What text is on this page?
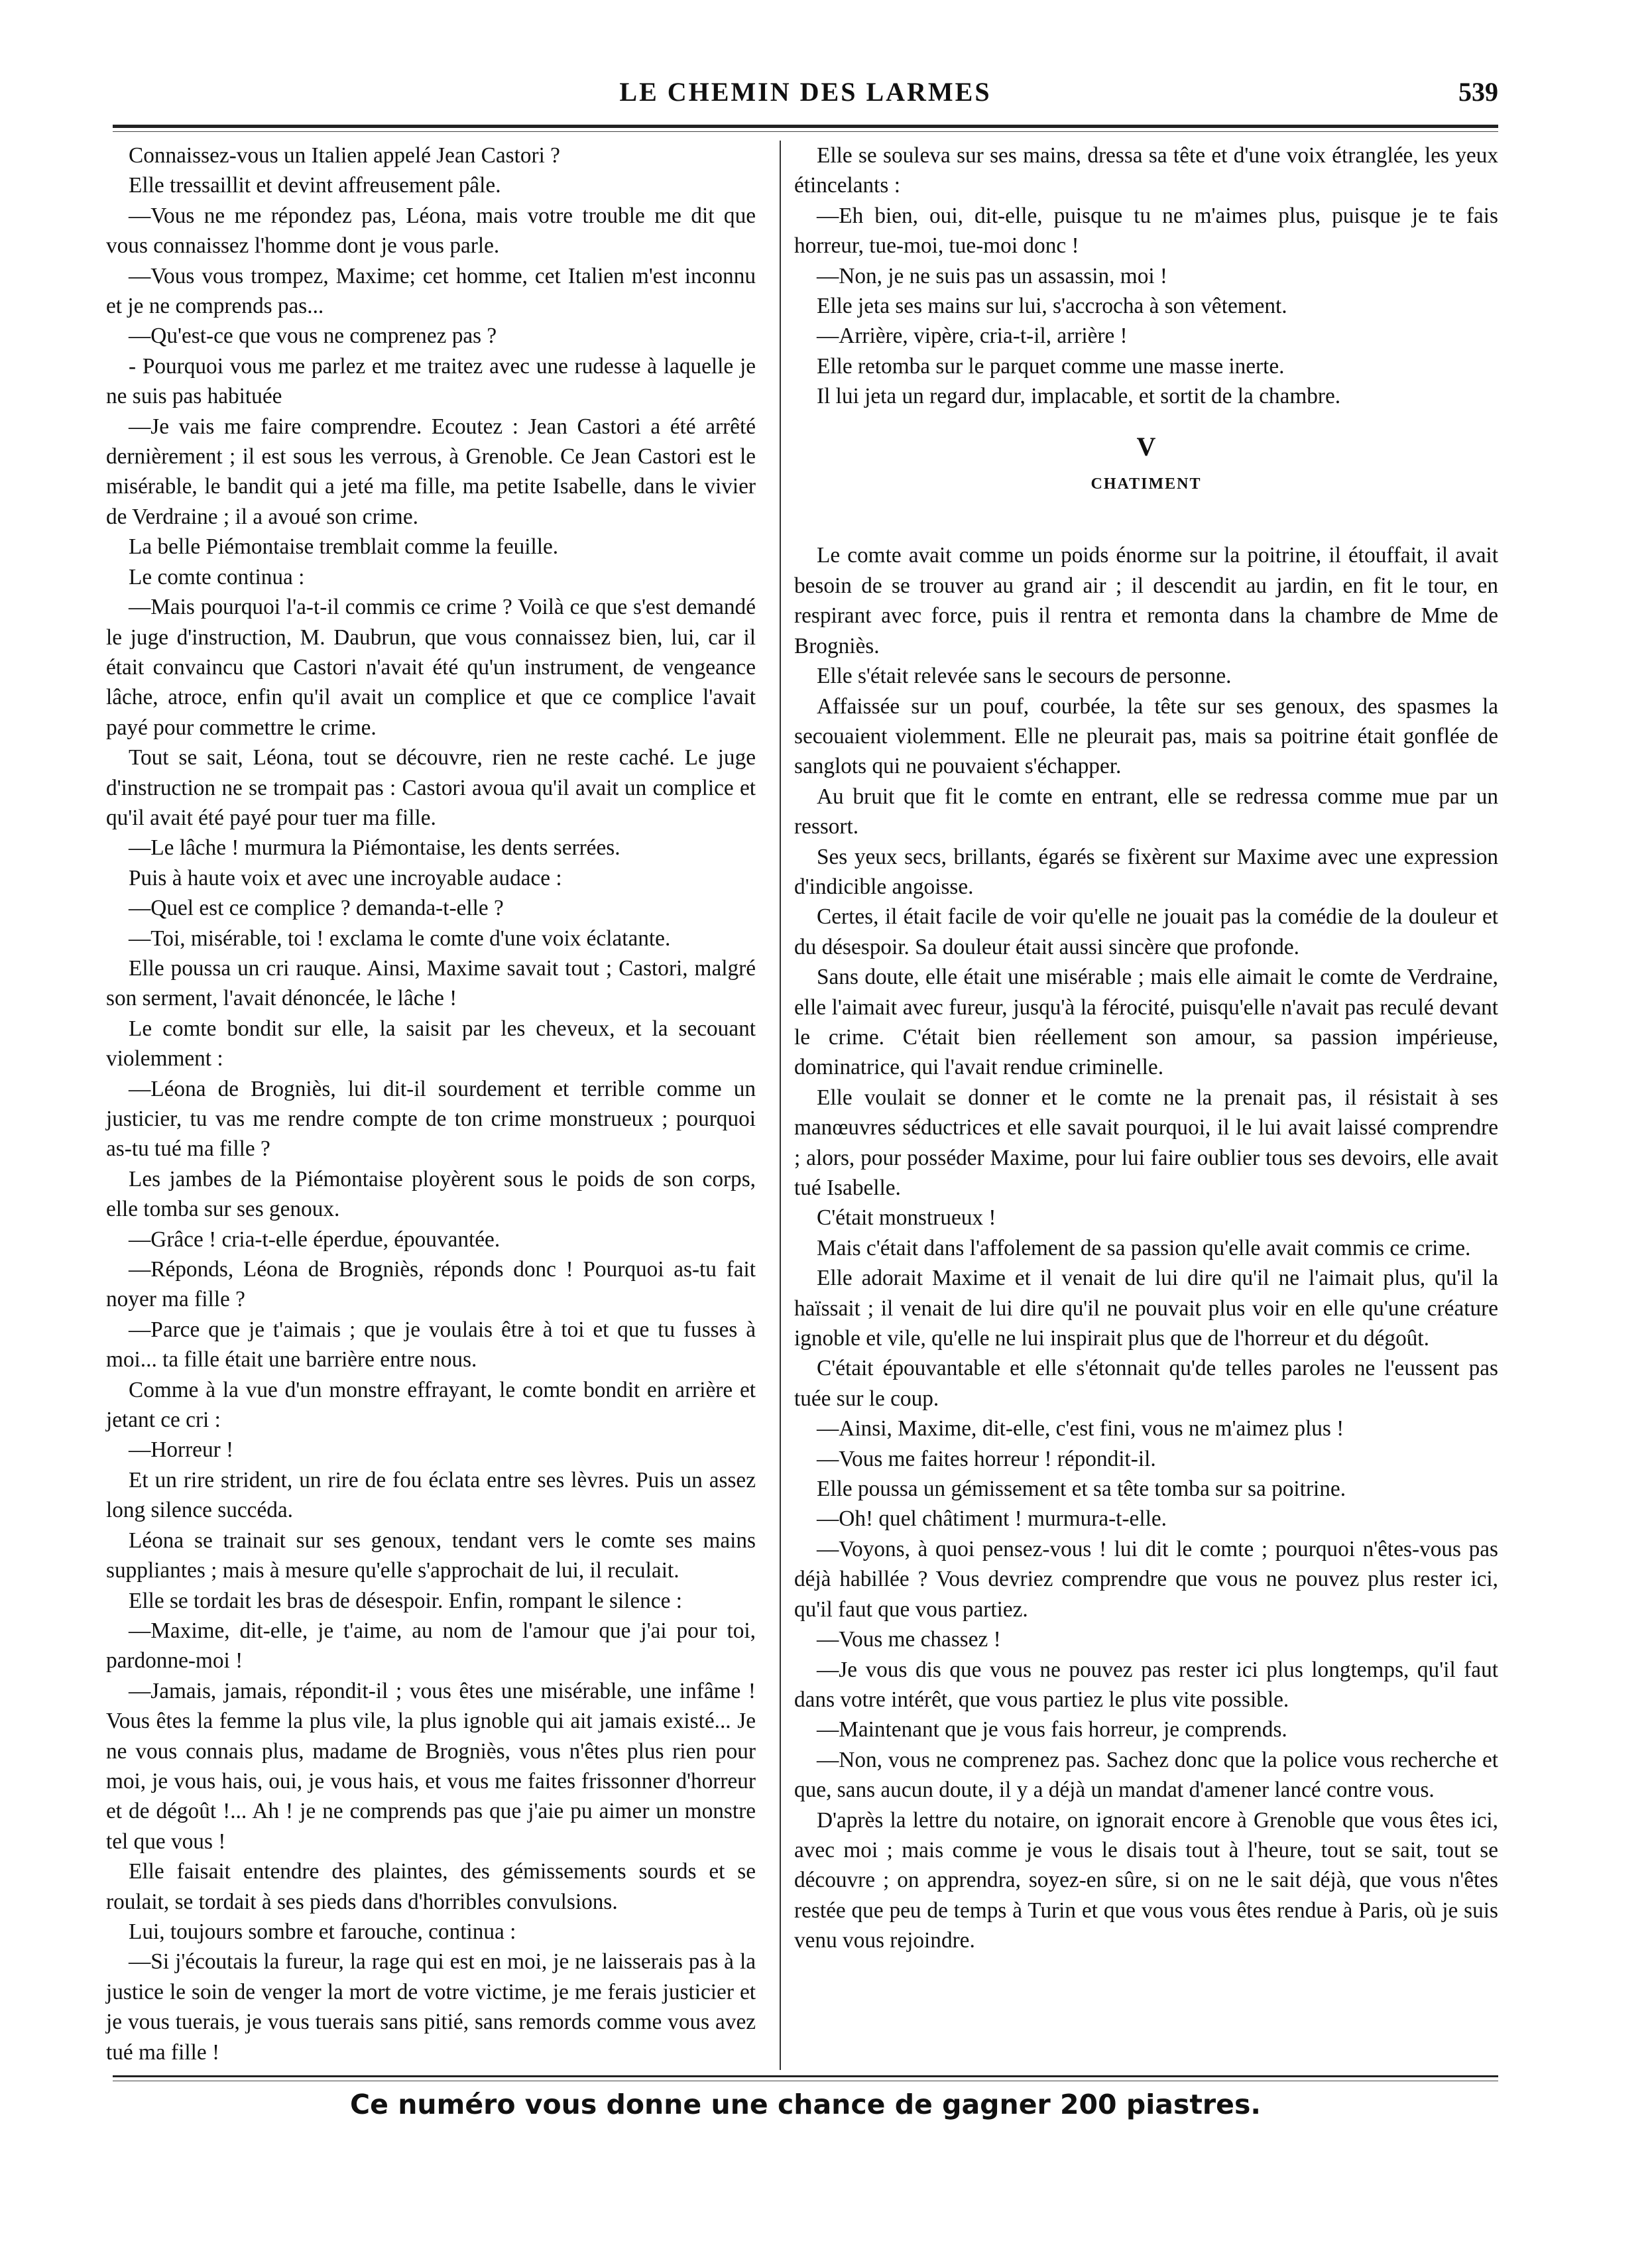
LE CHEMIN DES LARMES	539

Connaissez-vous un Italien appelé Jean Castori ?

Elle tressaillit et devint affreusement pâle.

—Vous ne me répondez pas, Léona, mais votre trouble me dit que vous connaissez l'homme dont je vous parle.

—Vous vous trompez, Maxime; cet homme, cet Italien m'est inconnu et je ne comprends pas...

—Qu'est-ce que vous ne comprenez pas ?

- Pourquoi vous me parlez et me traitez avec une rudesse à laquelle je ne suis pas habituée

—Je vais me faire comprendre. Ecoutez : Jean Castori a été arrêté dernièrement ; il est sous les verrous, à Grenoble. Ce Jean Castori est le misérable, le bandit qui a jeté ma fille, ma petite Isabelle, dans le vivier de Verdraine ; il a avoué son crime.

La belle Piémontaise tremblait comme la feuille.

Le comte continua :

—Mais pourquoi l'a-t-il commis ce crime ? Voilà ce que s'est demandé le juge d'instruction, M. Daubrun, que vous connaissez bien, lui, car il était convaincu que Castori n'avait été qu'un instrument, de vengeance lâche, atroce, enfin qu'il avait un complice et que ce complice l'avait payé pour commettre le crime.

Tout se sait, Léona, tout se découvre, rien ne reste caché. Le juge d'instruction ne se trompait pas : Castori avoua qu'il avait un complice et qu'il avait été payé pour tuer ma fille.

—Le lâche ! murmura la Piémontaise, les dents serrées.

Puis à haute voix et avec une incroyable audace :

—Quel est ce complice ? demanda-t-elle ?

—Toi, misérable, toi ! exclama le comte d'une voix éclatante.

Elle poussa un cri rauque. Ainsi, Maxime savait tout ; Castori, malgré son serment, l'avait dénoncée, le lâche !

Le comte bondit sur elle, la saisit par les cheveux, et la secouant violemment :

—Léona de Brogniès, lui dit-il sourdement et terrible comme un justicier, tu vas me rendre compte de ton crime monstrueux ; pourquoi as-tu tué ma fille ?

Les jambes de la Piémontaise ployèrent sous le poids de son corps, elle tomba sur ses genoux.

—Grâce ! cria-t-elle éperdue, épouvantée.

—Réponds, Léona de Brogniès, réponds donc ! Pourquoi as-tu fait noyer ma fille ?

—Parce que je t'aimais ; que je voulais être à toi et que tu fusses à moi... ta fille était une barrière entre nous.

Comme à la vue d'un monstre effrayant, le comte bondit en arrière et jetant ce cri :

—Horreur !

Et un rire strident, un rire de fou éclata entre ses lèvres. Puis un assez long silence succéda.

Léona se trainait sur ses genoux, tendant vers le comte ses mains suppliantes ; mais à mesure qu'elle s'approchait de lui, il reculait.

Elle se tordait les bras de désespoir. Enfin, rompant le silence :

—Maxime, dit-elle, je t'aime, au nom de l'amour que j'ai pour toi, pardonne-moi !

—Jamais, jamais, répondit-il ; vous êtes une misérable, une infâme ! Vous êtes la femme la plus vile, la plus ignoble qui ait jamais existé... Je ne vous connais plus, madame de Brogniès, vous n'êtes plus rien pour moi, je vous hais, oui, je vous hais, et vous me faites frissonner d'horreur et de dégoût !... Ah ! je ne comprends pas que j'aie pu aimer un monstre tel que vous !

Elle faisait entendre des plaintes, des gémissements sourds et se roulait, se tordait à ses pieds dans d'horribles convulsions.

Lui, toujours sombre et farouche, continua :

—Si j'écoutais la fureur, la rage qui est en moi, je ne laisserais pas à la justice le soin de venger la mort de votre victime, je me ferais justicier et je vous tuerais, je vous tuerais sans pitié, sans remords comme vous avez tué ma fille !

Elle se souleva sur ses mains, dressa sa tête et d'une voix étranglée, les yeux étincelants :

—Eh bien, oui, dit-elle, puisque tu ne m'aimes plus, puisque je te fais horreur, tue-moi, tue-moi donc !

—Non, je ne suis pas un assassin, moi !

Elle jeta ses mains sur lui, s'accrocha à son vêtement.

—Arrière, vipère, cria-t-il, arrière !

Elle retomba sur le parquet comme une masse inerte.

Il lui jeta un regard dur, implacable, et sortit de la chambre.

V
CHATIMENT

Le comte avait comme un poids énorme sur la poitrine, il étouffait, il avait besoin de se trouver au grand air ; il descendit au jardin, en fit le tour, en respirant avec force, puis il rentra et remonta dans la chambre de Mme de Brogniès.

Elle s'était relevée sans le secours de personne.

Affaissée sur un pouf, courbée, la tête sur ses genoux, des spasmes la secouaient violemment. Elle ne pleurait pas, mais sa poitrine était gonflée de sanglots qui ne pouvaient s'échapper.

Au bruit que fit le comte en entrant, elle se redressa comme mue par un ressort.

Ses yeux secs, brillants, égarés se fixèrent sur Maxime avec une expression d'indicible angoisse.

Certes, il était facile de voir qu'elle ne jouait pas la comédie de la douleur et du désespoir. Sa douleur était aussi sincère que profonde.

Sans doute, elle était une misérable ; mais elle aimait le comte de Verdraine, elle l'aimait avec fureur, jusqu'à la férocité, puisqu'elle n'avait pas reculé devant le crime. C'était bien réellement son amour, sa passion impérieuse, dominatrice, qui l'avait rendue criminelle.

Elle voulait se donner et le comte ne la prenait pas, il résistait à ses manœuvres séductrices et elle savait pourquoi, il le lui avait laissé comprendre ; alors, pour posséder Maxime, pour lui faire oublier tous ses devoirs, elle avait tué Isabelle.

C'était monstrueux !

Mais c'était dans l'affolement de sa passion qu'elle avait commis ce crime.

Elle adorait Maxime et il venait de lui dire qu'il ne l'aimait plus, qu'il la haïssait ; il venait de lui dire qu'il ne pouvait plus voir en elle qu'une créature ignoble et vile, qu'elle ne lui inspirait plus que de l'horreur et du dégoût.

C'était épouvantable et elle s'étonnait qu'de telles paroles ne l'eussent pas tuée sur le coup.

—Ainsi, Maxime, dit-elle, c'est fini, vous ne m'aimez plus !

—Vous me faites horreur ! répondit-il.

Elle poussa un gémissement et sa tête tomba sur sa poitrine.

—Oh! quel châtiment ! murmura-t-elle.

—Voyons, à quoi pensez-vous ! lui dit le comte ; pourquoi n'êtes-vous pas déjà habillée ? Vous devriez comprendre que vous ne pouvez plus rester ici, qu'il faut que vous partiez.

—Vous me chassez !

—Je vous dis que vous ne pouvez pas rester ici plus longtemps, qu'il faut dans votre intérêt, que vous partiez le plus vite possible.

—Maintenant que je vous fais horreur, je comprends.

—Non, vous ne comprenez pas. Sachez donc que la police vous recherche et que, sans aucun doute, il y a déjà un mandat d'amener lancé contre vous.

D'après la lettre du notaire, on ignorait encore à Grenoble que vous êtes ici, avec moi ; mais comme je vous le disais tout à l'heure, tout se sait, tout se découvre ; on apprendra, soyez-en sûre, si on ne le sait déjà, que vous n'êtes restée que peu de temps à Turin et que vous vous êtes rendue à Paris, où je suis venu vous rejoindre.

Ce numéro vous donne une chance de gagner 200 piastres.
